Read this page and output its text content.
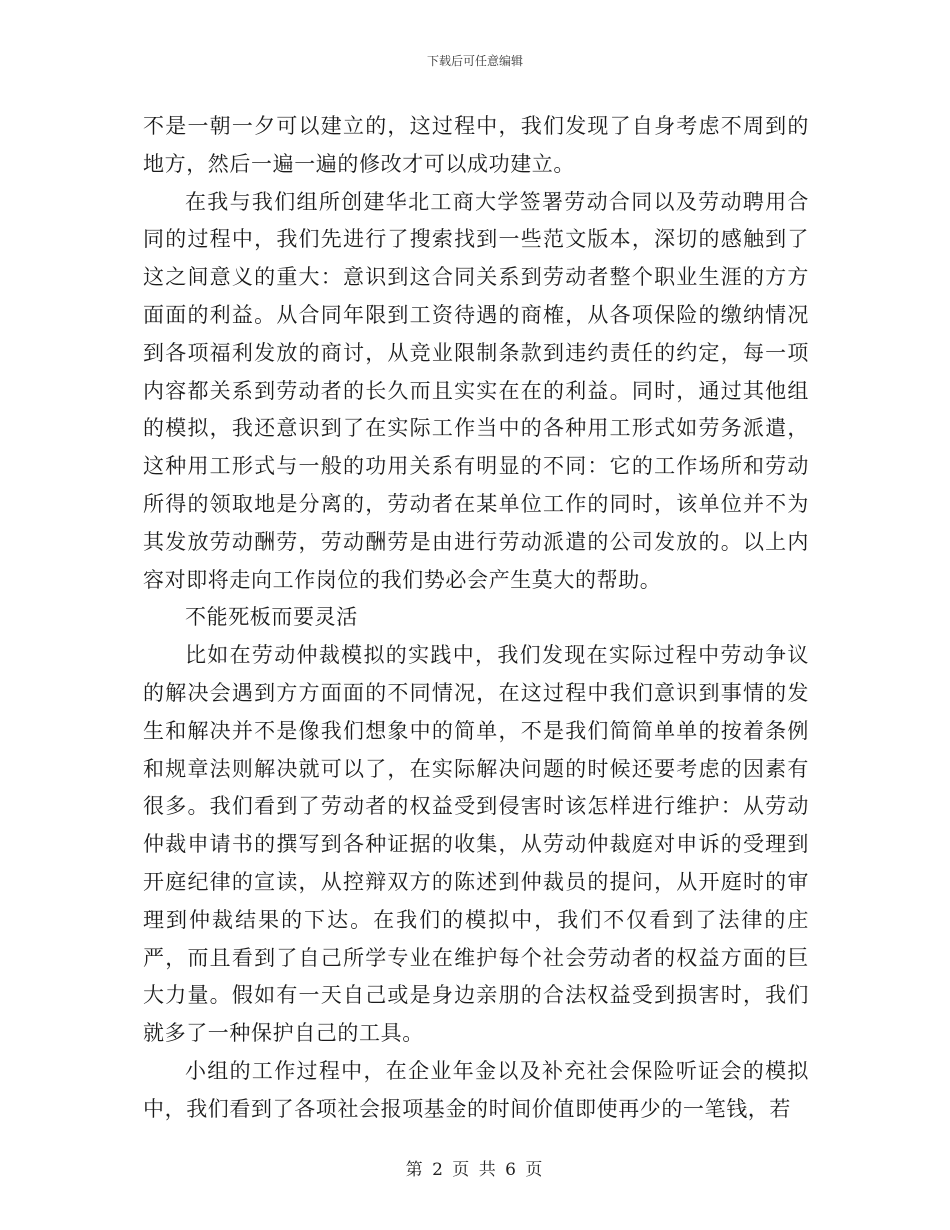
下载后可任意编辑

不是一朝一夕可以建立的，这过程中，我们发现了自身考虑不周到的地方，然后一遍一遍的修改才可以成功建立。

在我与我们组所创建华北工商大学签署劳动合同以及劳动聘用合同的过程中，我们先进行了搜索找到一些范文版本，深切的感触到了这之间意义的重大：意识到这合同关系到劳动者整个职业生涯的方方面面的利益。从合同年限到工资待遇的商榷，从各项保险的缴纳情况到各项福利发放的商讨，从竞业限制条款到违约责任的约定，每一项内容都关系到劳动者的长久而且实实在在的利益。同时，通过其他组的模拟，我还意识到了在实际工作当中的各种用工形式如劳务派遣，这种用工形式与一般的功用关系有明显的不同：它的工作场所和劳动所得的领取地是分离的，劳动者在某单位工作的同时，该单位并不为其发放劳动酬劳，劳动酬劳是由进行劳动派遣的公司发放的。以上内容对即将走向工作岗位的我们势必会产生莫大的帮助。

不能死板而要灵活

比如在劳动仲裁模拟的实践中，我们发现在实际过程中劳动争议的解决会遇到方方面面的不同情况，在这过程中我们意识到事情的发生和解决并不是像我们想象中的简单，不是我们简简单单的按着条例和规章法则解决就可以了，在实际解决问题的时候还要考虑的因素有很多。我们看到了劳动者的权益受到侵害时该怎样进行维护：从劳动仲裁申请书的撰写到各种证据的收集，从劳动仲裁庭对申诉的受理到开庭纪律的宣读，从控辩双方的陈述到仲裁员的提问，从开庭时的审理到仲裁结果的下达。在我们的模拟中，我们不仅看到了法律的庄严，而且看到了自己所学专业在维护每个社会劳动者的权益方面的巨大力量。假如有一天自己或是身边亲朋的合法权益受到损害时，我们就多了一种保护自己的工具。

小组的工作过程中，在企业年金以及补充社会保险听证会的模拟中，我们看到了各项社会报项基金的时间价值即使再少的一笔钱，若

第 2 页 共 6 页
